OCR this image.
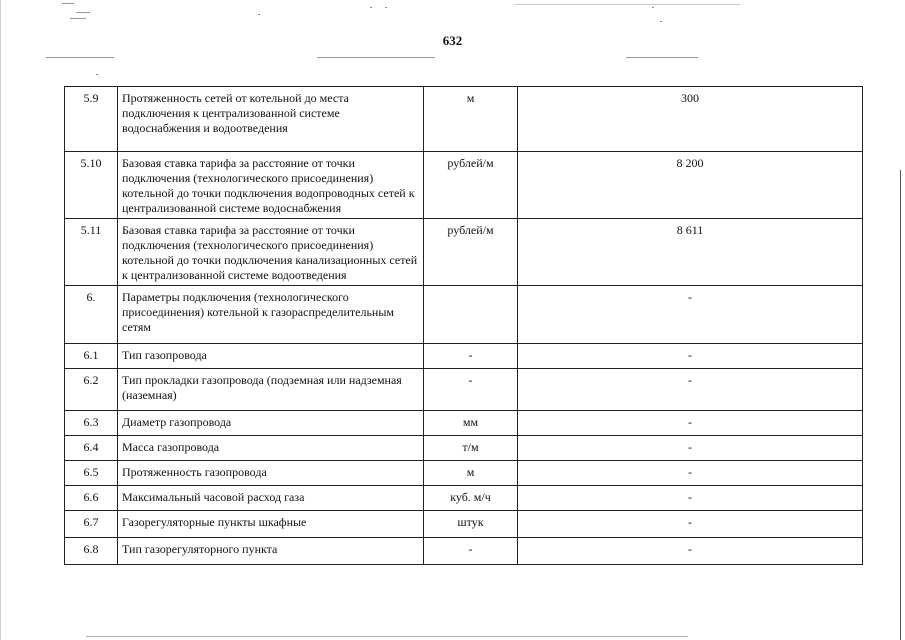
632
5.9	Протяженность сетей от котельной до места подключения к централизованной системе водоснабжения и водоотведения	м	300
5.10	Базовая ставка тарифа за расстояние от точки подключения (технологического присоединения) котельной до точки подключения водопроводных сетей к централизованной системе водоснабжения	рублей/м	8 200
5.11	Базовая ставка тарифа за расстояние от точки подключения (технологического присоединения) котельной до точки подключения канализационных сетей к централизованной системе водоотведения	рублей/м	8 611
6.	Параметры подключения (технологического присоединения) котельной к газораспределительным сетям		-
6.1	Тип газопровода	-	-
6.2	Тип прокладки газопровода (подземная или надземная (наземная)	-	-
6.3	Диаметр газопровода	мм	-
6.4	Масса газопровода	т/м	-
6.5	Протяженность газопровода	м	-
6.6	Максимальный часовой расход газа	куб. м/ч	-
6.7	Газорегуляторные пункты шкафные	штук	-
6.8	Тип газорегуляторного пункта	-	-
